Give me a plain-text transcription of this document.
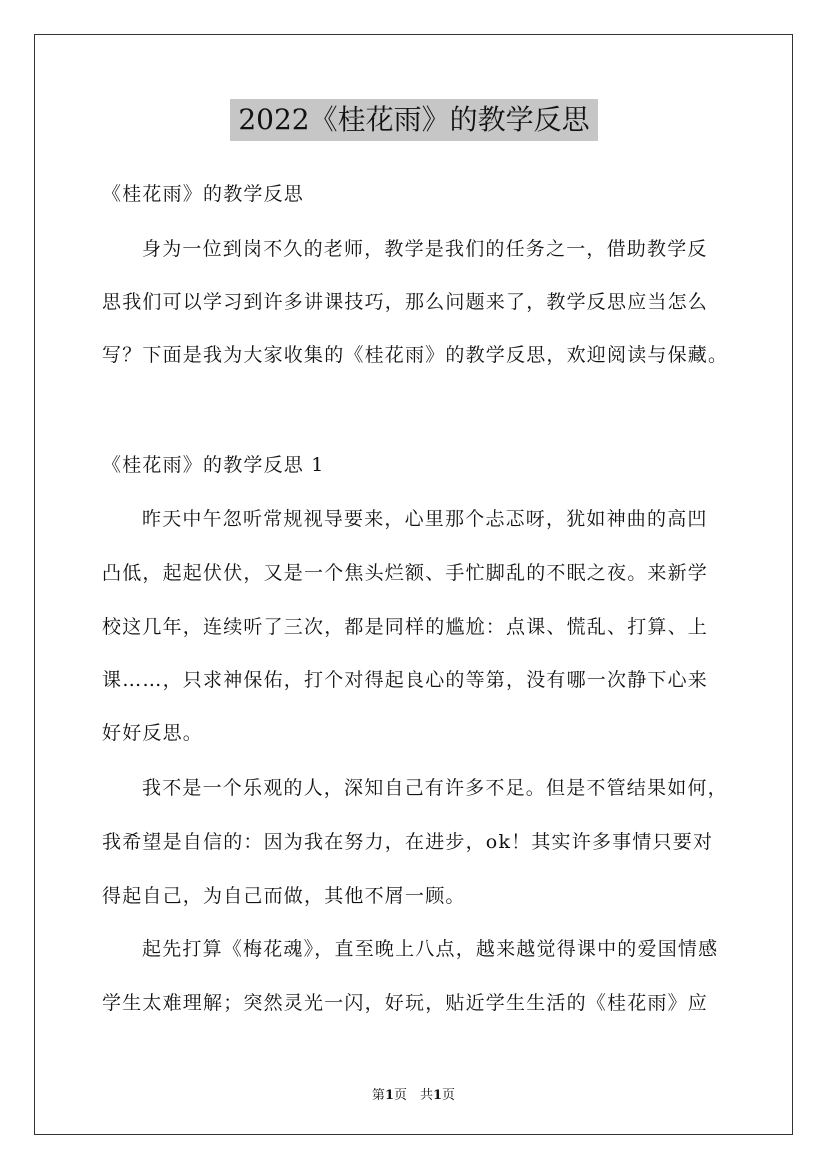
2022《桂花雨》的教学反思
《桂花雨》的教学反思
身为一位到岗不久的老师，教学是我们的任务之一，借助教学反
思我们可以学习到许多讲课技巧，那么问题来了，教学反思应当怎么
写？下面是我为大家收集的《桂花雨》的教学反思，欢迎阅读与保藏。
《桂花雨》的教学反思 1
昨天中午忽听常规视导要来，心里那个忐忑呀，犹如神曲的高凹
凸低，起起伏伏，又是一个焦头烂额、手忙脚乱的不眠之夜。来新学
校这几年，连续听了三次，都是同样的尴尬：点课、慌乱、打算、上
课……，只求神保佑，打个对得起良心的等第，没有哪一次静下心来
好好反思。
我不是一个乐观的人，深知自己有许多不足。但是不管结果如何，
我希望是自信的：因为我在努力，在进步，ok！其实许多事情只要对
得起自己，为自己而做，其他不屑一顾。
起先打算《梅花魂》，直至晚上八点，越来越觉得课中的爱国情感
学生太难理解；突然灵光一闪，好玩，贴近学生生活的《桂花雨》应
第1页　共1页
